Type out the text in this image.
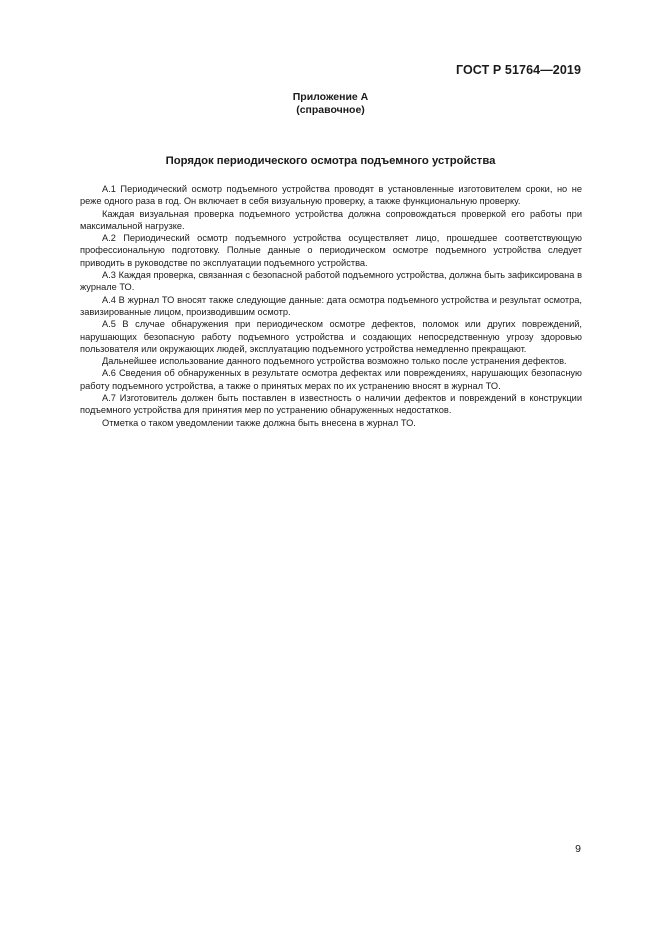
ГОСТ Р 51764—2019
Приложение А
(справочное)
Порядок периодического осмотра подъемного устройства

А.1 Периодический осмотр подъемного устройства проводят в установленные изготовителем сроки, но не реже одного раза в год. Он включает в себя визуальную проверку, а также функциональную проверку.

Каждая визуальная проверка подъемного устройства должна сопровождаться проверкой его работы при максимальной нагрузке.

А.2 Периодический осмотр подъемного устройства осуществляет лицо, прошедшее соответствующую профессиональную подготовку. Полные данные о периодическом осмотре подъемного устройства следует приводить в руководстве по эксплуатации подъемного устройства.

А.3 Каждая проверка, связанная с безопасной работой подъемного устройства, должна быть зафиксирована в журнале ТО.

А.4 В журнал ТО вносят также следующие данные: дата осмотра подъемного устройства и результат осмотра, завизированные лицом, производившим осмотр.

А.5 В случае обнаружения при периодическом осмотре дефектов, поломок или других повреждений, нарушающих безопасную работу подъемного устройства и создающих непосредственную угрозу здоровью пользователя или окружающих людей, эксплуатацию подъемного устройства немедленно прекращают.

Дальнейшее использование данного подъемного устройства возможно только после устранения дефектов.

А.6 Сведения об обнаруженных в результате осмотра дефектах или повреждениях, нарушающих безопасную работу подъемного устройства, а также о принятых мерах по их устранению вносят в журнал ТО.

А.7 Изготовитель должен быть поставлен в известность о наличии дефектов и повреждений в конструкции подъемного устройства для принятия мер по устранению обнаруженных недостатков.

Отметка о таком уведомлении также должна быть внесена в журнал ТО.

9
